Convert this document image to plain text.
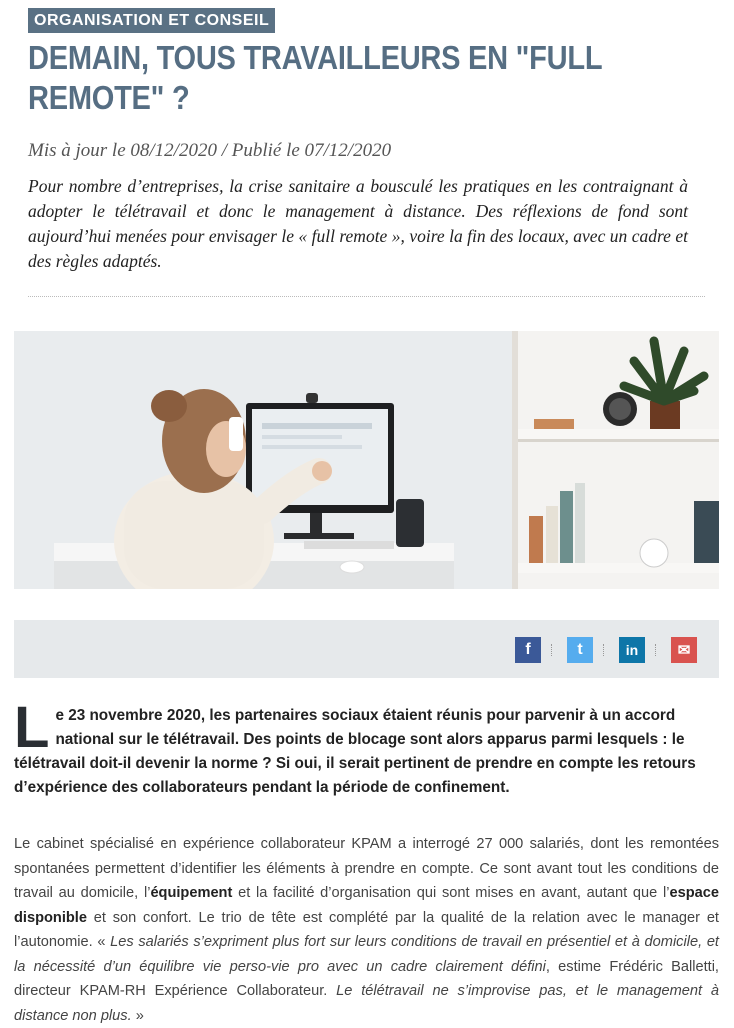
ORGANISATION ET CONSEIL
DEMAIN, TOUS TRAVAILLEURS EN "FULL REMOTE" ?
Mis à jour le 08/12/2020 / Publié le 07/12/2020

Pour nombre d’entreprises, la crise sanitaire a bousculé les pratiques en les contraignant à adopter le télétravail et donc le management à distance. Des réflexions de fond sont aujourd’hui menées pour envisager le « full remote », voire la fin des locaux, avec un cadre et des règles adaptés.

f	t	in	✉

Le 23 novembre 2020, les partenaires sociaux étaient réunis pour parvenir à un accord national sur le télétravail. Des points de blocage sont alors apparus parmi lesquels : le télétravail doit-il devenir la norme ? Si oui, il serait pertinent de prendre en compte les retours d’expérience des collaborateurs pendant la période de confinement.

Le cabinet spécialisé en expérience collaborateur KPAM a interrogé 27 000 salariés, dont les remontées spontanées permettent d’identifier les éléments à prendre en compte. Ce sont avant tout les conditions de travail au domicile, l’équipement et la facilité d’organisation qui sont mises en avant, autant que l’espace disponible et son confort. Le trio de tête est complété par la qualité de la relation avec le manager et l’autonomie. « Les salariés s’expriment plus fort sur leurs conditions de travail en présentiel et à domicile, et la nécessité d’un équilibre vie perso-vie pro avec un cadre clairement défini, estime Frédéric Balletti, directeur KPAM-RH Expérience Collaborateur. Le télétravail ne s’improvise pas, et le management à distance non plus. »
